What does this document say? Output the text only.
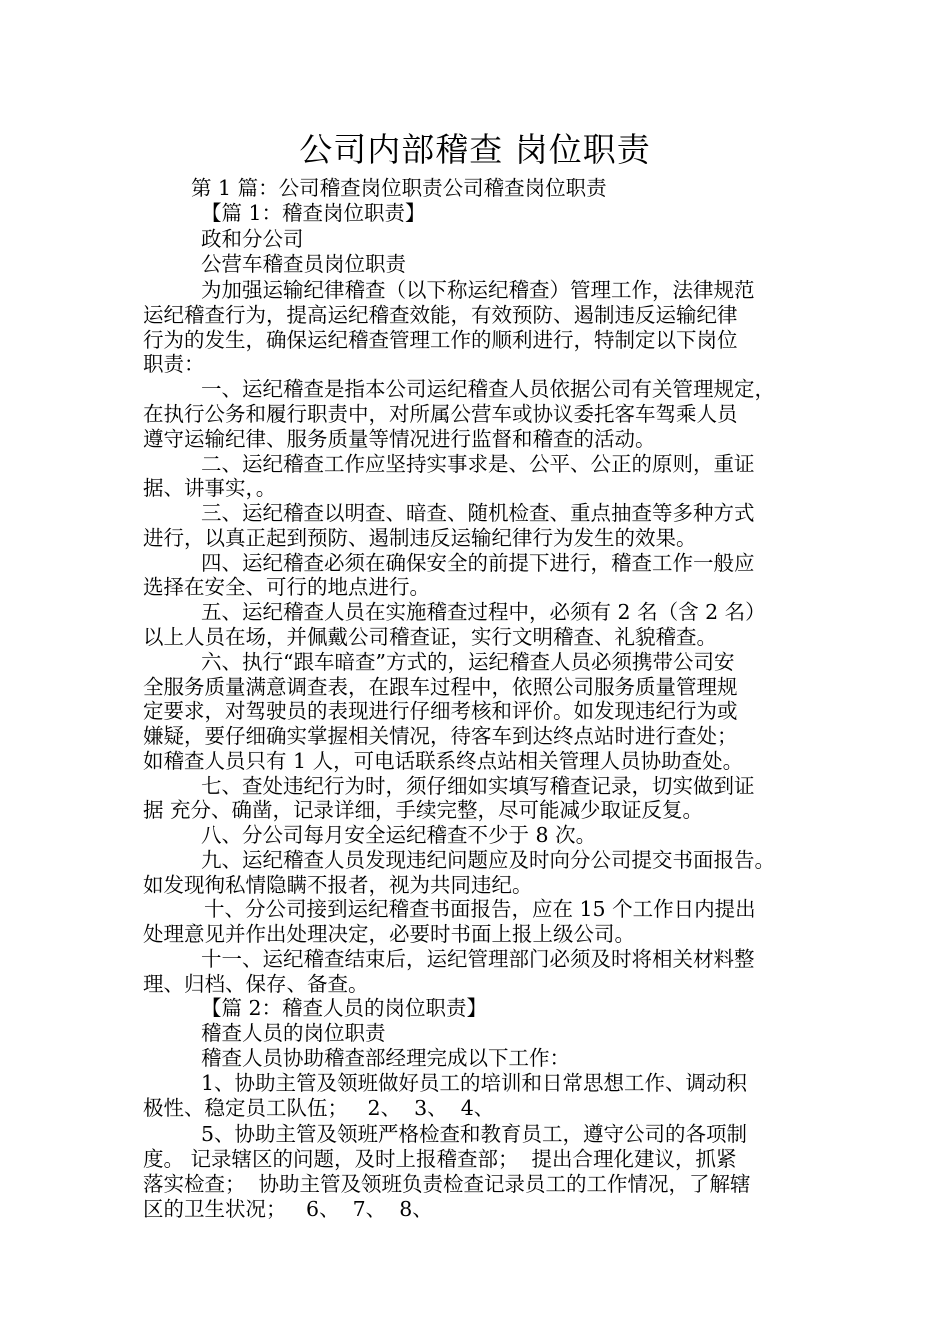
公司内部稽查 岗位职责
第 1 篇：公司稽查岗位职责公司稽查岗位职责
【篇 1：稽查岗位职责】
政和分公司
公营车稽查员岗位职责
为加强运输纪律稽查（以下称运纪稽查）管理工作，法律规范
运纪稽查行为，提高运纪稽查效能，有效预防、遏制违反运输纪律
行为的发生，确保运纪稽查管理工作的顺利进行，特制定以下岗位
职责：
一、运纪稽查是指本公司运纪稽查人员依据公司有关管理规定，
在执行公务和履行职责中，对所属公营车或协议委托客车驾乘人员
遵守运输纪律、服务质量等情况进行监督和稽查的活动。
二、运纪稽查工作应坚持实事求是、公平、公正的原则，重证
据、讲事实，。
三、运纪稽查以明查、暗查、随机检查、重点抽查等多种方式
进行，以真正起到预防、遏制违反运输纪律行为发生的效果。
四、运纪稽查必须在确保安全的前提下进行，稽查工作一般应
选择在安全、可行的地点进行。
五、运纪稽查人员在实施稽查过程中，必须有 2 名（含 2 名）
以上人员在场，并佩戴公司稽查证，实行文明稽查、礼貌稽查。
六、执行“跟车暗查”方式的，运纪稽查人员必须携带公司安
全服务质量满意调查表，在跟车过程中，依照公司服务质量管理规
定要求，对驾驶员的表现进行仔细考核和评价。如发现违纪行为或
嫌疑，要仔细确实掌握相关情况，待客车到达终点站时进行查处；
如稽查人员只有 1 人，可电话联系终点站相关管理人员协助查处。
七、查处违纪行为时，须仔细如实填写稽查记录，切实做到证
据 充分、确凿，记录详细，手续完整，尽可能减少取证反复。
八、分公司每月安全运纪稽查不少于 8 次。
九、运纪稽查人员发现违纪问题应及时向分公司提交书面报告。
如发现徇私情隐瞒不报者，视为共同违纪。
十、分公司接到运纪稽查书面报告，应在 15 个工作日内提出
处理意见并作出处理决定，必要时书面上报上级公司。
十一、运纪稽查结束后，运纪管理部门必须及时将相关材料整
理、归档、保存、备查。
【篇 2：稽查人员的岗位职责】
稽查人员的岗位职责
稽查人员协助稽查部经理完成以下工作：
1、协助主管及领班做好员工的培训和日常思想工作、调动积
极性、稳定员工队伍；   2、  3、  4、
5、协助主管及领班严格检查和教育员工，遵守公司的各项制
度。 记录辖区的问题，及时上报稽查部；  提出合理化建议，抓紧
落实检查；  协助主管及领班负责检查记录员工的工作情况，了解辖
区的卫生状况；   6、  7、  8、
